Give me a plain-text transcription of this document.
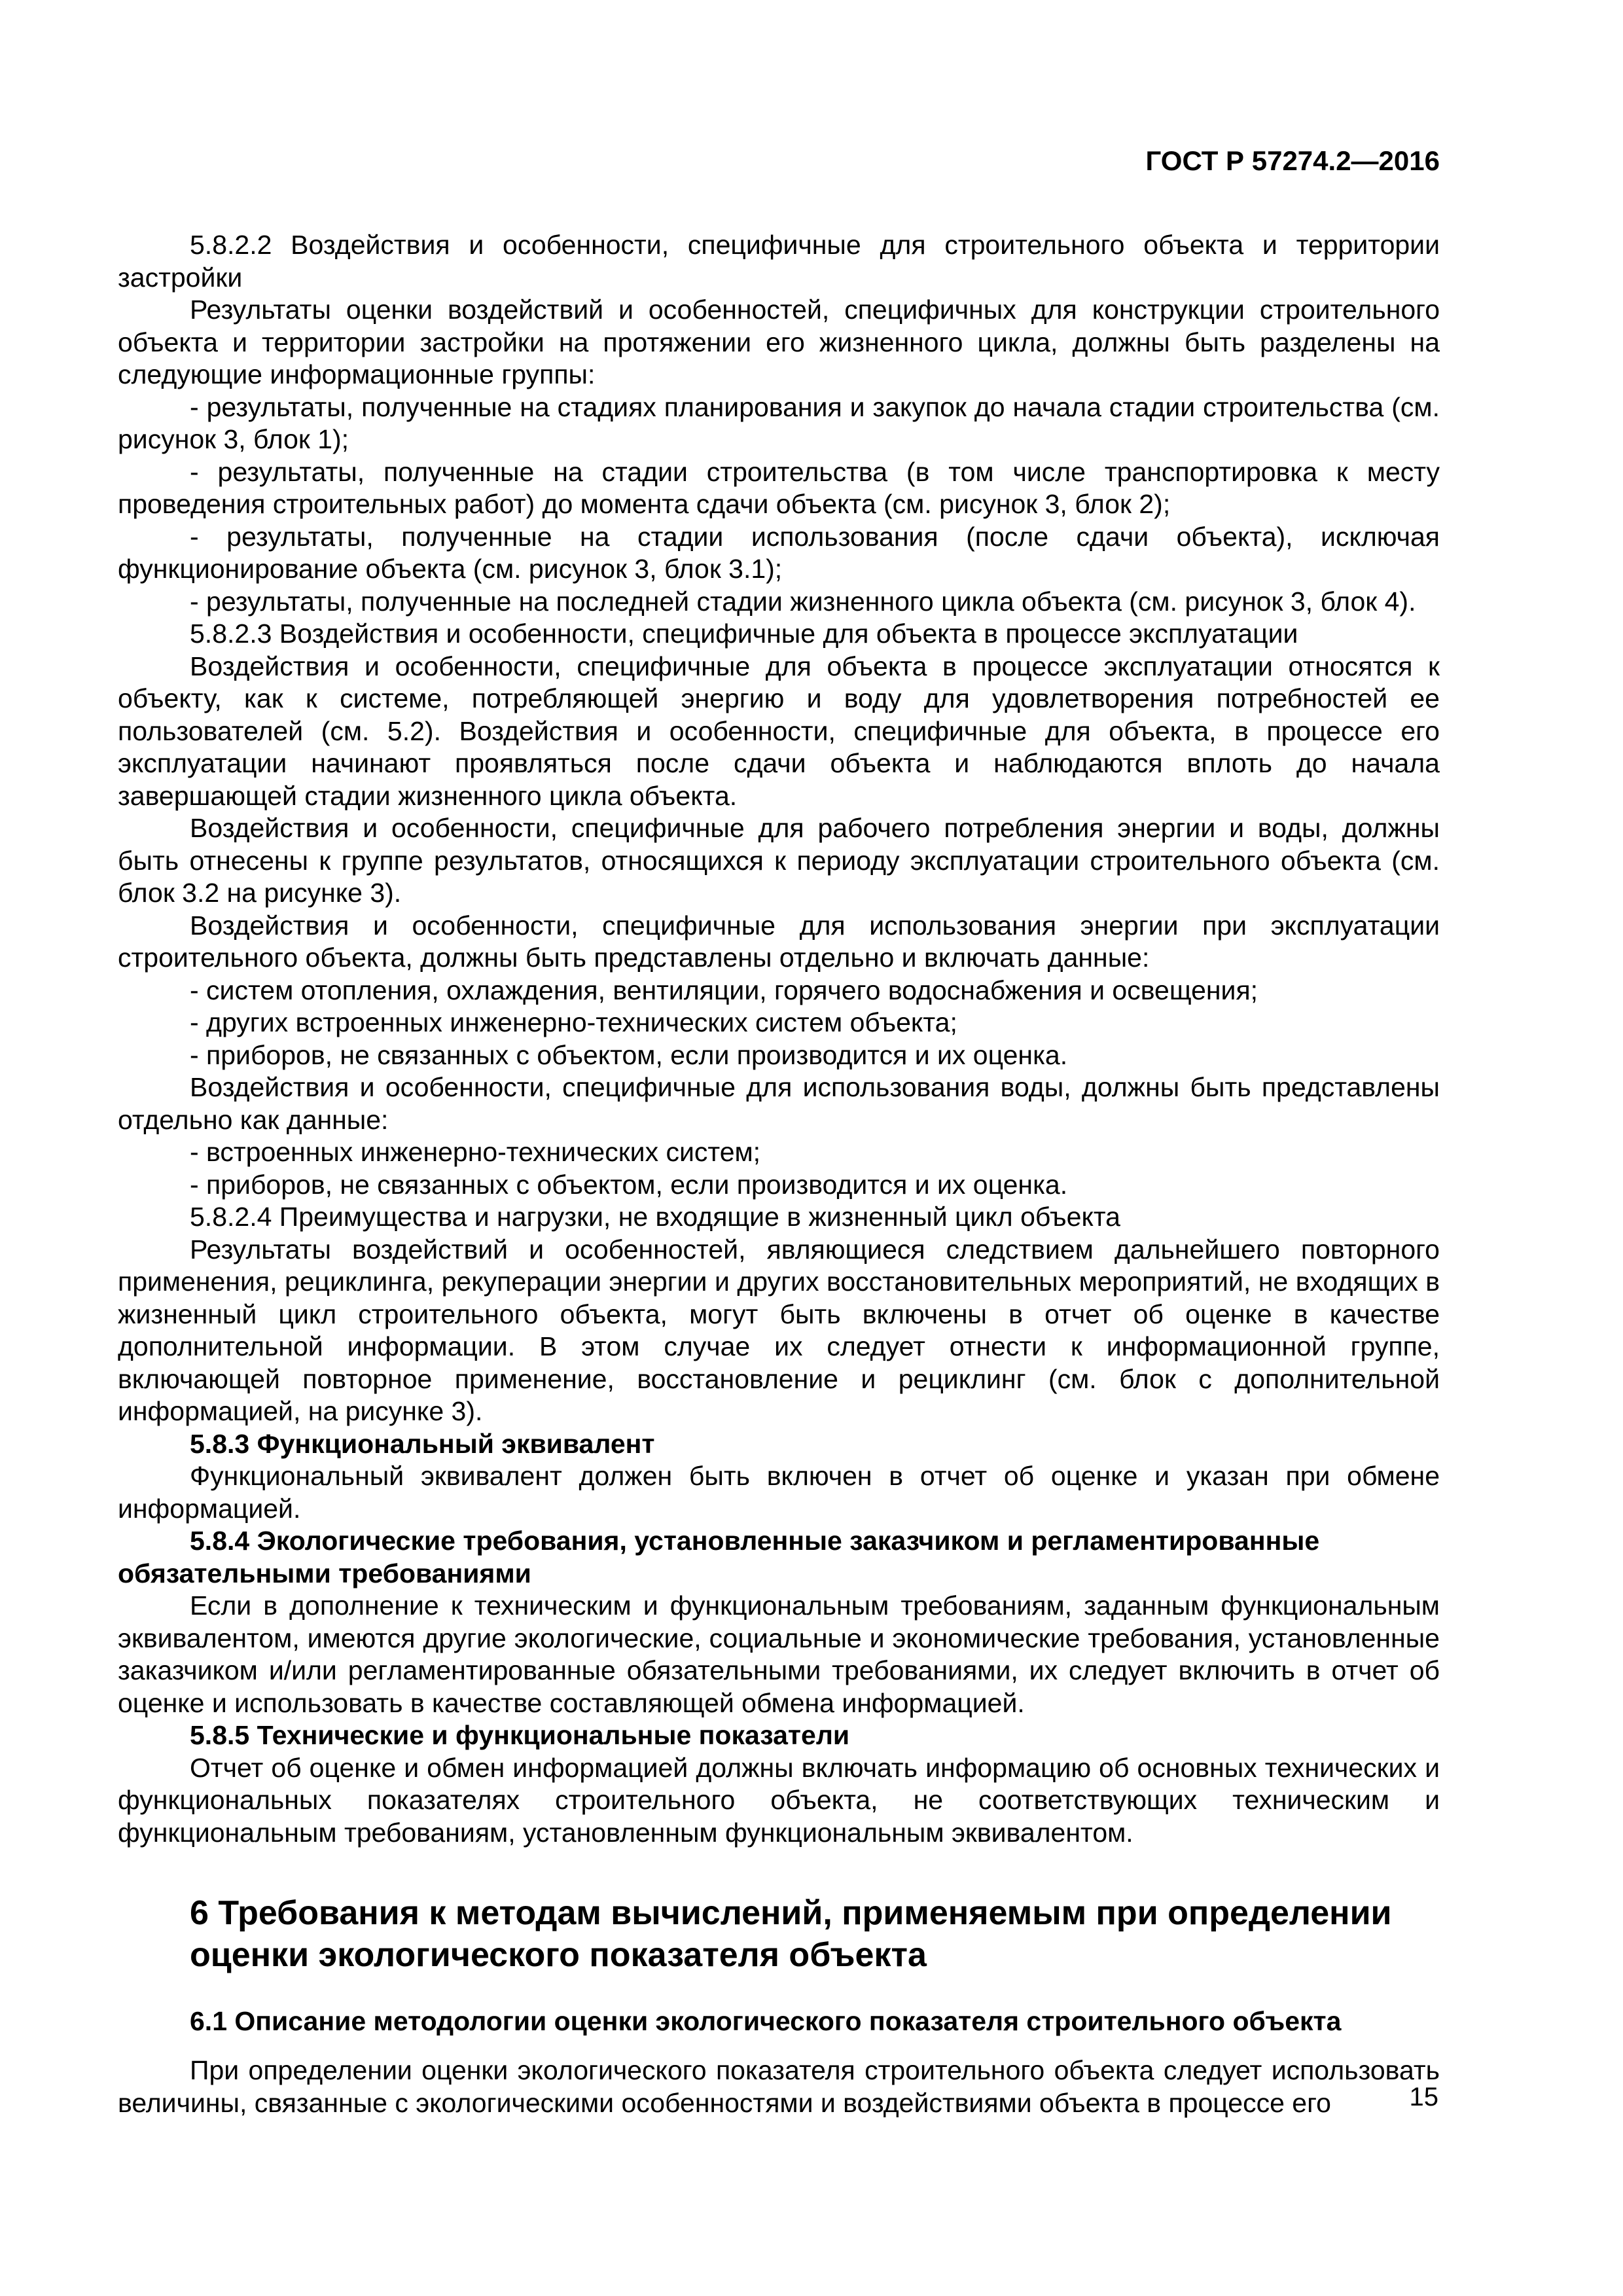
ГОСТ Р 57274.2—2016

5.8.2.2 Воздействия и особенности, специфичные для строительного объекта и территории застройки

Результаты оценки воздействий и особенностей, специфичных для конструкции строительного объекта и территории застройки на протяжении его жизненного цикла, должны быть разделены на следующие информационные группы:

- результаты, полученные на стадиях планирования и закупок до начала стадии строительства (см. рисунок 3, блок 1);

- результаты, полученные на стадии строительства (в том числе транспортировка к месту проведения строительных работ) до момента сдачи объекта (см. рисунок 3, блок 2);

- результаты, полученные на стадии использования (после сдачи объекта), исключая функционирование объекта (см. рисунок 3, блок 3.1);

- результаты, полученные на последней стадии жизненного цикла объекта (см. рисунок 3, блок 4).

5.8.2.3 Воздействия и особенности, специфичные для объекта в процессе эксплуатации

Воздействия и особенности, специфичные для объекта в процессе эксплуатации относятся к объекту, как к системе, потребляющей энергию и воду для удовлетворения потребностей ее пользователей (см. 5.2). Воздействия и особенности, специфичные для объекта, в процессе его эксплуатации начинают проявляться после сдачи объекта и наблюдаются вплоть до начала завершающей стадии жизненного цикла объекта.

Воздействия и особенности, специфичные для рабочего потребления энергии и воды, должны быть отнесены к группе результатов, относящихся к периоду эксплуатации строительного объекта (см. блок 3.2 на рисунке 3).

Воздействия и особенности, специфичные для использования энергии при эксплуатации строительного объекта, должны быть представлены отдельно и включать данные:

- систем отопления, охлаждения, вентиляции, горячего водоснабжения и освещения;

- других встроенных инженерно-технических систем объекта;

- приборов, не связанных с объектом, если производится и их оценка.

Воздействия и особенности, специфичные для использования воды, должны быть представлены отдельно как данные:

- встроенных инженерно-технических систем;

- приборов, не связанных с объектом, если производится и их оценка.

5.8.2.4 Преимущества и нагрузки, не входящие в жизненный цикл объекта

Результаты воздействий и особенностей, являющиеся следствием дальнейшего повторного применения, рециклинга, рекуперации энергии и других восстановительных мероприятий, не входящих в жизненный цикл строительного объекта, могут быть включены в отчет об оценке в качестве дополнительной информации. В этом случае их следует отнести к информационной группе, включающей повторное применение, восстановление и рециклинг (см. блок с дополнительной информацией, на рисунке 3).

5.8.3 Функциональный эквивалент

Функциональный эквивалент должен быть включен в отчет об оценке и указан при обмене информацией.

5.8.4 Экологические требования, установленные заказчиком и регламентированные обязательными требованиями

Если в дополнение к техническим и функциональным требованиям, заданным функциональным эквивалентом, имеются другие экологические, социальные и экономические требования, установленные заказчиком и/или регламентированные обязательными требованиями, их следует включить в отчет об оценке и использовать в качестве составляющей обмена информацией.

5.8.5 Технические и функциональные показатели

Отчет об оценке и обмен информацией должны включать информацию об основных технических и функциональных показателях строительного объекта, не соответствующих техническим и функциональным требованиям, установленным функциональным эквивалентом.

6 Требования к методам вычислений, применяемым при определении оценки экологического показателя объекта
6.1 Описание методологии оценки экологического показателя строительного объекта

При определении оценки экологического показателя строительного объекта следует использовать величины, связанные с экологическими особенностями и воздействиями объекта в процессе его	15
